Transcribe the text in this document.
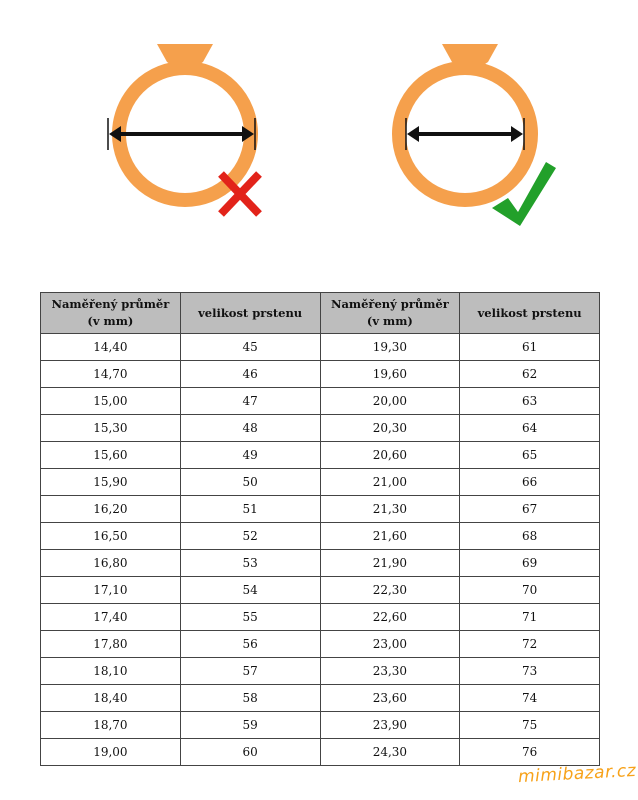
Naměřený průměr (v mm)	velikost prstenu	Naměřený průměr (v mm)	velikost prstenu
14,40	45	19,30	61
14,70	46	19,60	62
15,00	47	20,00	63
15,30	48	20,30	64
15,60	49	20,60	65
15,90	50	21,00	66
16,20	51	21,30	67
16,50	52	21,60	68
16,80	53	21,90	69
17,10	54	22,30	70
17,40	55	22,60	71
17,80	56	23,00	72
18,10	57	23,30	73
18,40	58	23,60	74
18,70	59	23,90	75
19,00	60	24,30	76
mimibazar.cz
